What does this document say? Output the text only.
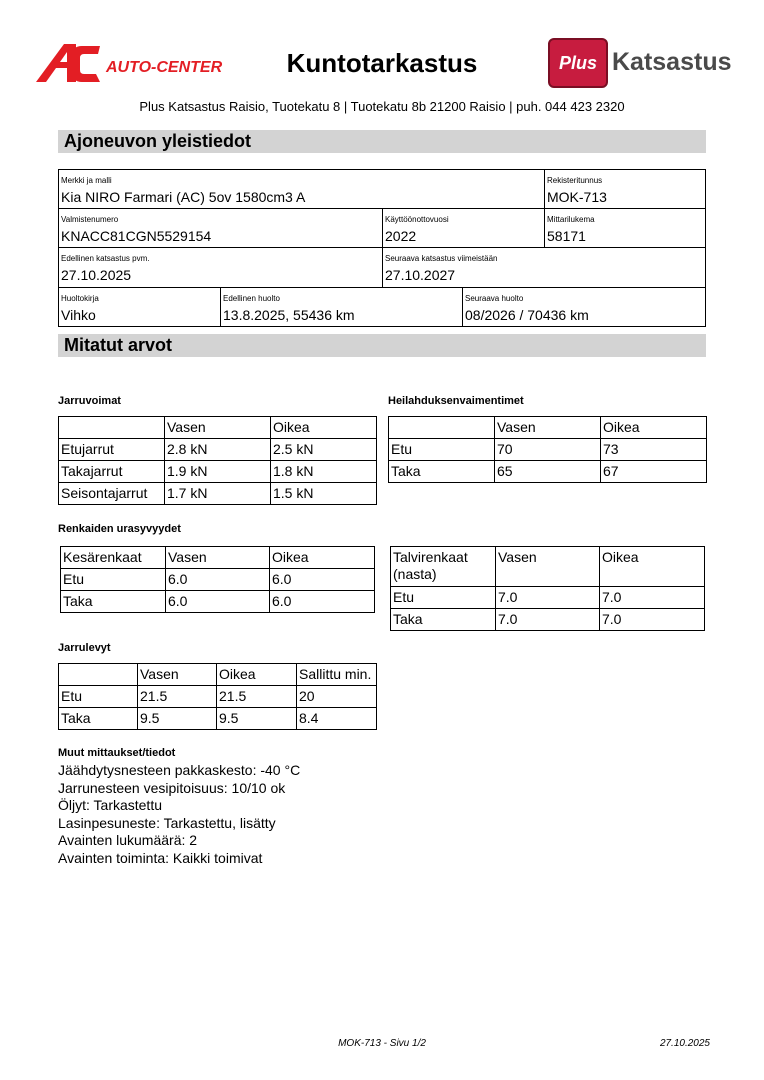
AUTO-CENTER	Kuntotarkastus	Plus Katsastus
Plus Katsastus Raisio, Tuotekatu 8 | Tuotekatu 8b 21200 Raisio | puh. 044 423 2320
Ajoneuvon yleistiedot
Merkki ja malli
Kia NIRO Farmari (AC) 5ov 1580cm3 A
Rekisteritunnus
MOK-713
Valmistenumero
KNACC81CGN5529154
Käyttöönottovuosi
2022
Mittarilukema
58171
Edellinen katsastus pvm.
27.10.2025
Seuraava katsastus viimeistään
27.10.2027
Huoltokirja
Vihko
Edellinen huolto
13.8.2025, 55436 km
Seuraava huolto
08/2026 / 70436 km
Mitatut arvot
Jarruvoimat
	Vasen	Oikea
Etujarrut	2.8 kN	2.5 kN
Takajarrut	1.9 kN	1.8 kN
Seisontajarrut	1.7 kN	1.5 kN
Heilahduksenvaimentimet
	Vasen	Oikea
Etu	70	73
Taka	65	67
Renkaiden urasyvyydet
Kesärenkaat	Vasen	Oikea
Etu	6.0	6.0
Taka	6.0	6.0
Talvirenkaat (nasta)	Vasen	Oikea
Etu	7.0	7.0
Taka	7.0	7.0
Jarrulevyt
	Vasen	Oikea	Sallittu min.
Etu	21.5	21.5	20
Taka	9.5	9.5	8.4
Muut mittaukset/tiedot
Jäähdytysnesteen pakkaskesto: -40 °C
Jarrunesteen vesipitoisuus: 10/10 ok
Öljyt: Tarkastettu
Lasinpesuneste: Tarkastettu, lisätty
Avainten lukumäärä: 2
Avainten toiminta: Kaikki toimivat
MOK-713 - Sivu 1/2	27.10.2025
